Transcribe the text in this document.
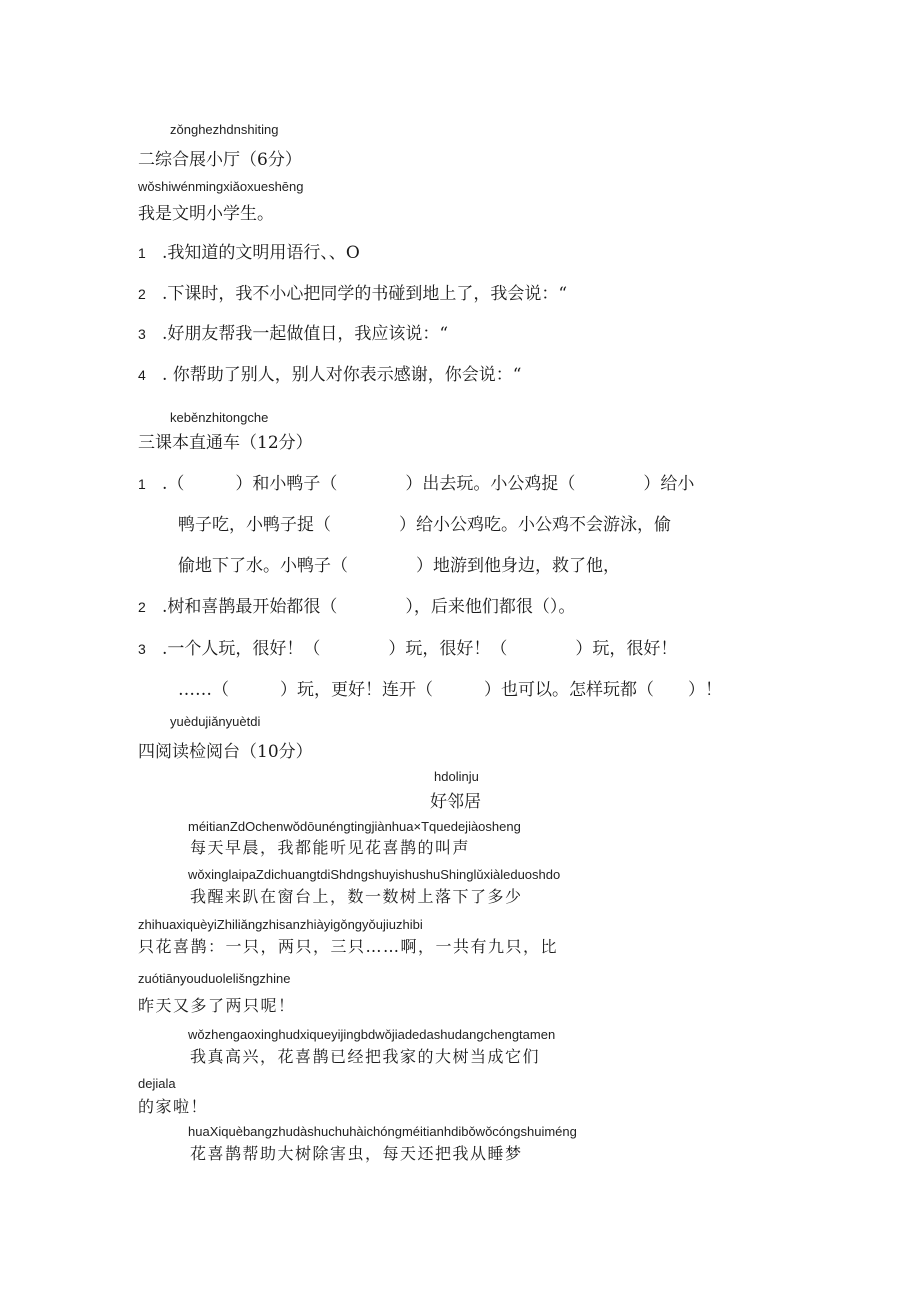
zǒnghezhdnshiting
二综合展小厅（6分）
wǒshiwénmingxiǎoxueshēng
我是文明小学生。
1 .我知道的文明用语行、、O
2 .下课时，我不小心把同学的书碰到地上了，我会说：“
3 .好朋友帮我一起做值日，我应该说：“
4 . 你帮助了别人，别人对你表示感谢，你会说：“
keběnzhitongche
三课本直通车（12分）
1 .（　　　）和小鸭子（　　　　）出去玩。小公鸡捉（　　　　）给小
鸭子吃，小鸭子捉（　　　　）给小公鸡吃。小公鸡不会游泳，偷
偷地下了水。小鸭子（　　　　）地游到他身边，救了他，
2 .树和喜鹊最开始都很（　　　　），后来他们都很（）。
3 .一个人玩，很好！（　　　　）玩，很好！（　　　　）玩，很好！
……（　　　）玩，更好！连开（　　　）也可以。怎样玩都（　　）！
yuèdujiǎnyuètdi
四阅读检阅台（10分）
hdolinju
好邻居
méitianZdOchenwǒdōunéngtingjiànhua×Tquedejiàosheng
每天早晨，我都能听见花喜鹊的叫声
wǒxinglaipaZdichuangtdiShdngshuyishushuShinglǔxiàleduoshdo
我醒来趴在窗台上，数一数树上落下了多少
zhihuaxiquèyiZhiliǎngzhisanzhiàyigǒngyǒujiuzhibi
只花喜鹊：一只，两只，三只……啊，一共有九只，比
zuótiānyouduolelišngzhine
昨天又多了两只呢！
wǒzhengaoxinghudxiqueyijingbdwǒjiadedashudangchengtamen
我真高兴，花喜鹊已经把我家的大树当成它们
dejiala
的家啦！
huaXiquèbangzhudàshuchuhàichóngméitianhdibǒwǒcóngshuiméng
花喜鹊帮助大树除害虫，每天还把我从睡梦
